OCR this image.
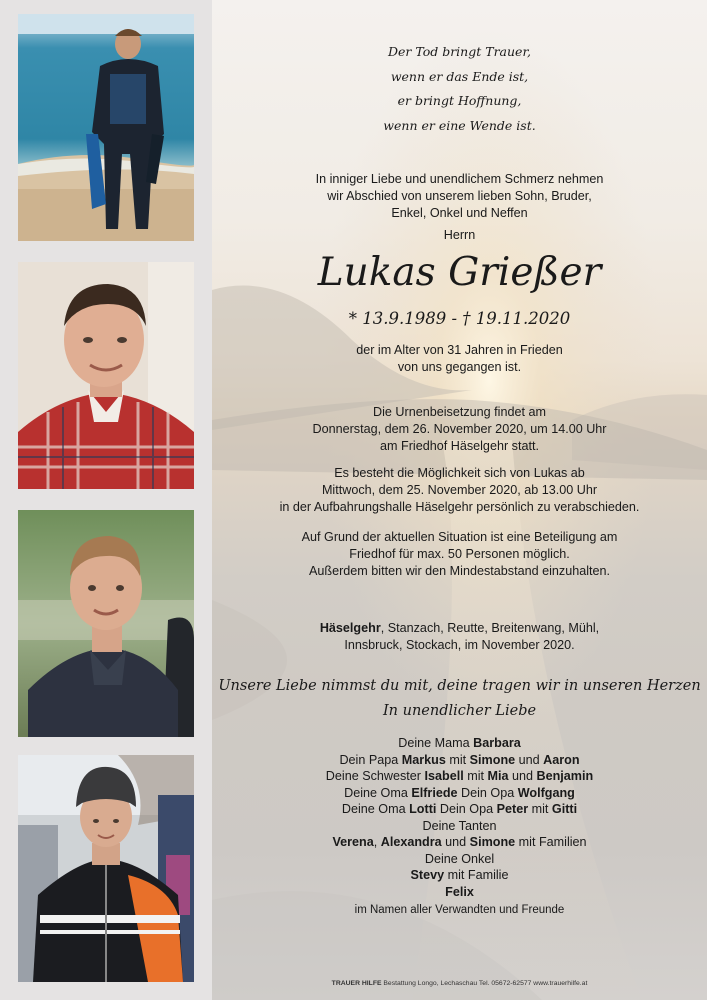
Der Tod bringt Trauer,
wenn er das Ende ist,
er bringt Hoffnung,
wenn er eine Wende ist.
In inniger Liebe und unendlichem Schmerz nehmen
wir Abschied von unserem lieben Sohn, Bruder,
Enkel, Onkel und Neffen
Herrn
Lukas Grießer
* 13.9.1989 - † 19.11.2020
der im Alter von 31 Jahren in Frieden
von uns gegangen ist.
Die Urnenbeisetzung findet am
Donnerstag, dem 26. November 2020, um 14.00 Uhr
am Friedhof Häselgehr statt.
Es besteht die Möglichkeit sich von Lukas ab
Mittwoch, dem 25. November 2020, ab 13.00 Uhr
in der Aufbahrungshalle Häselgehr persönlich zu verabschieden.
Auf Grund der aktuellen Situation ist eine Beteiligung am
Friedhof für max. 50 Personen möglich.
Außerdem bitten wir den Mindestabstand einzuhalten.
Häselgehr, Stanzach, Reutte, Breitenwang, Mühl,
Innsbruck, Stockach, im November 2020.
Unsere Liebe nimmst du mit, deine tragen wir in unseren Herzen
In unendlicher Liebe
Deine Mama Barbara
Dein Papa Markus mit Simone und Aaron
Deine Schwester Isabell mit Mia und Benjamin
Deine Oma Elfriede Dein Opa Wolfgang
Deine Oma Lotti Dein Opa Peter mit Gitti
Deine Tanten
Verena, Alexandra und Simone mit Familien
Deine Onkel
Stevy mit Familie
Felix
im Namen aller Verwandten und Freunde
TRAUER HILFE Bestattung Longo, Lechaschau Tel. 05672-62577 www.trauerhilfe.at
